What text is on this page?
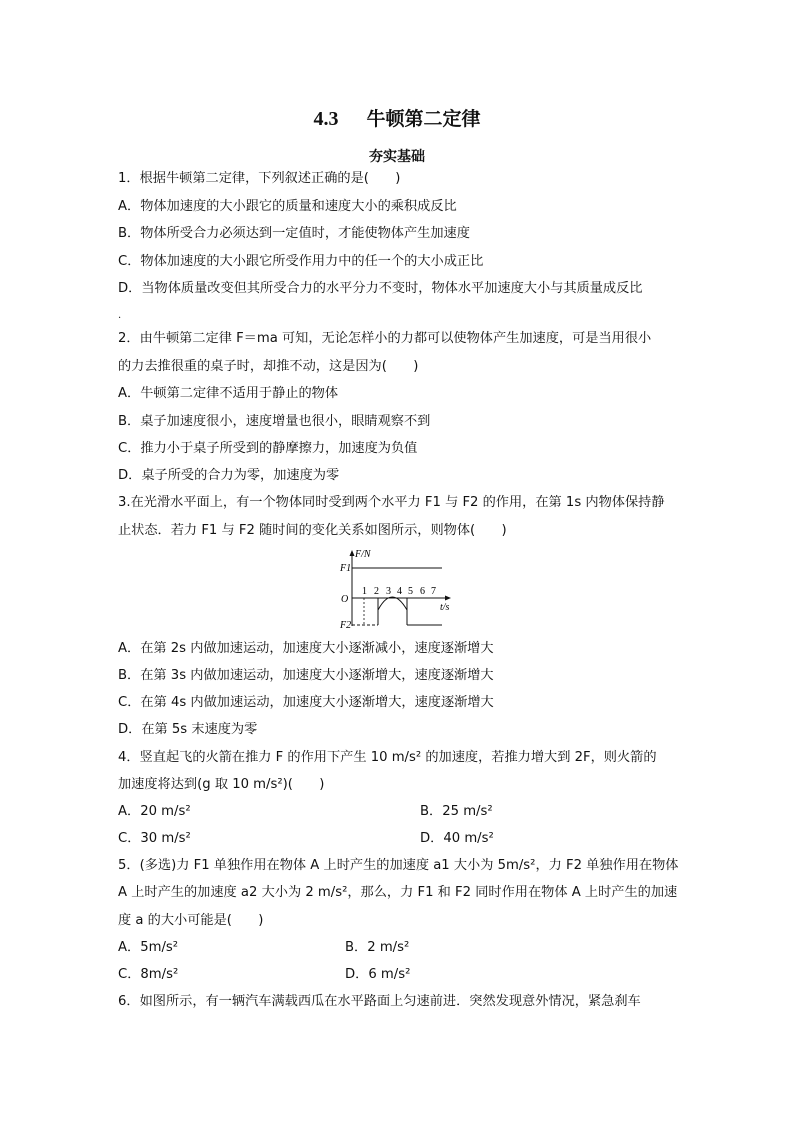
4.3 牛顿第二定律
夯实基础
1．根据牛顿第二定律，下列叙述正确的是(　　)
A．物体加速度的大小跟它的质量和速度大小的乘积成反比
B．物体所受合力必须达到一定值时，才能使物体产生加速度
C．物体加速度的大小跟它所受作用力中的任一个的大小成正比
D．当物体质量改变但其所受合力的水平分力不变时，物体水平加速度大小与其质量成反比
.
2．由牛顿第二定律 F＝ma 可知，无论怎样小的力都可以使物体产生加速度，可是当用很小
的力去推很重的桌子时，却推不动，这是因为(　　)
A．牛顿第二定律不适用于静止的物体
B．桌子加速度很小，速度增量也很小，眼睛观察不到
C．推力小于桌子所受到的静摩擦力，加速度为负值
D．桌子所受的合力为零，加速度为零
3.在光滑水平面上，有一个物体同时受到两个水平力 F1 与 F2 的作用，在第 1s 内物体保持静
止状态．若力 F1 与 F2 随时间的变化关系如图所示，则物体(　　)
F/N
t/s
O
F1
F2
1 2 3 4 5 6 7
A．在第 2s 内做加速运动，加速度大小逐渐减小，速度逐渐增大
B．在第 3s 内做加速运动，加速度大小逐渐增大，速度逐渐增大
C．在第 4s 内做加速运动，加速度大小逐渐增大，速度逐渐增大
D．在第 5s 末速度为零
4．竖直起飞的火箭在推力 F 的作用下产生 10 m/s² 的加速度，若推力增大到 2F，则火箭的
加速度将达到(g 取 10 m/s²)(　　)
A．20 m/s²	B．25 m/s²
C．30 m/s²	D．40 m/s²
5．(多选)力 F1 单独作用在物体 A 上时产生的加速度 a1 大小为 5m/s²，力 F2 单独作用在物体
A 上时产生的加速度 a2 大小为 2 m/s²，那么，力 F1 和 F2 同时作用在物体 A 上时产生的加速
度 a 的大小可能是(　　)
A．5m/s²	B．2 m/s²
C．8m/s²	D．6 m/s²
6．如图所示，有一辆汽车满载西瓜在水平路面上匀速前进．突然发现意外情况，紧急刹车
